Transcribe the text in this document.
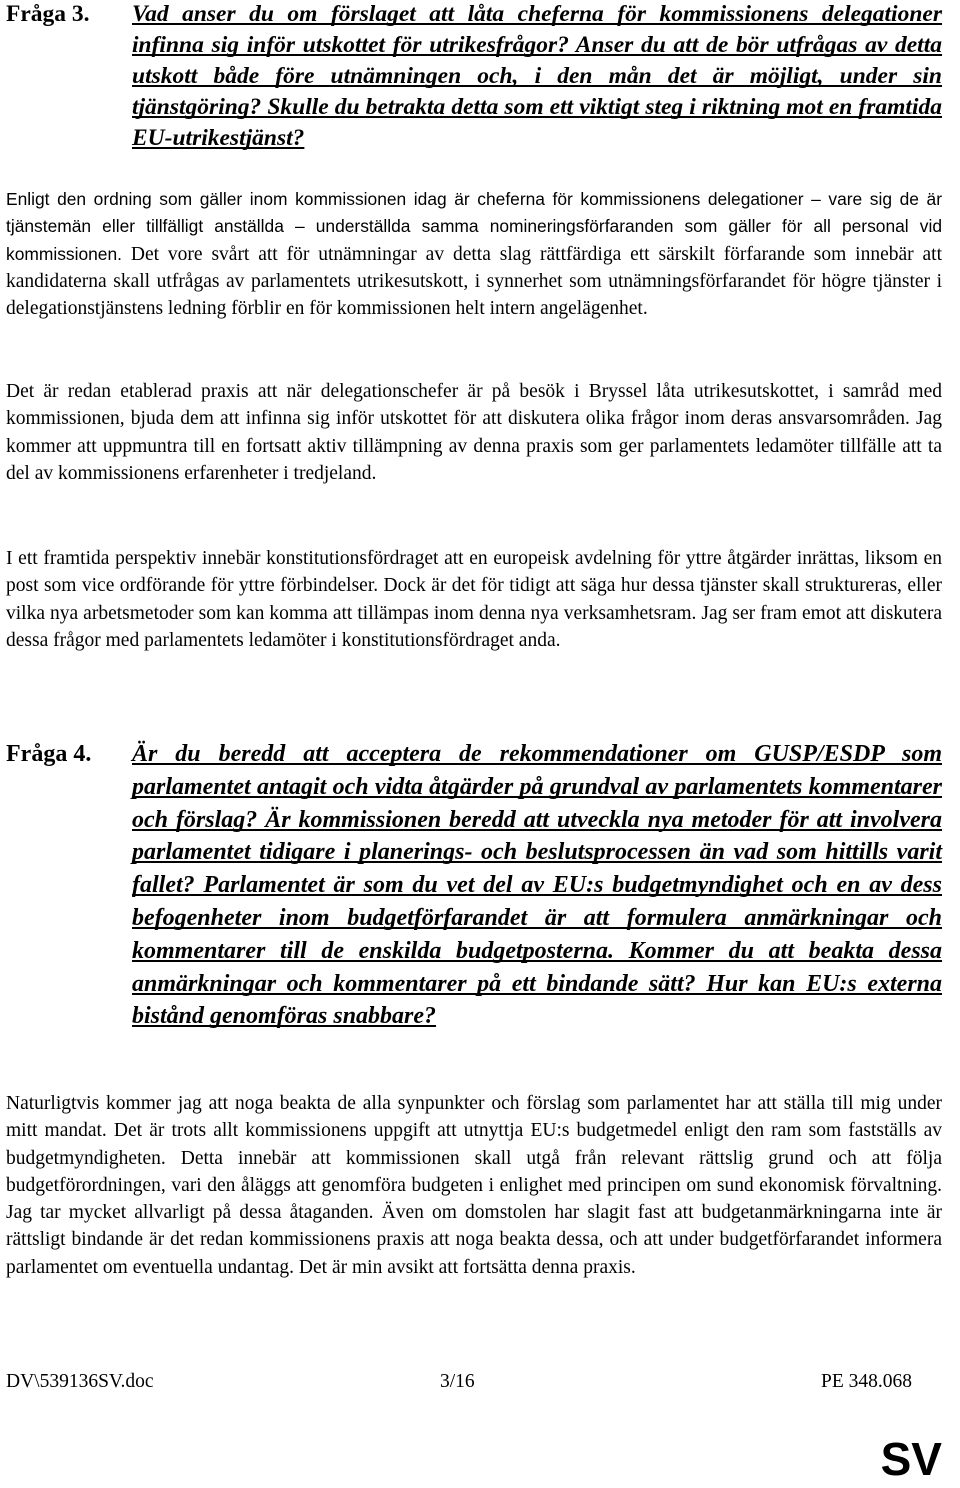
Fråga 3. Vad anser du om förslaget att låta cheferna för kommissionens delegationer infinna sig inför utskottet för utrikesfrågor? Anser du att de bör utfrågas av detta utskott både före utnämningen och, i den mån det är möjligt, under sin tjänstgöring? Skulle du betrakta detta som ett viktigt steg i riktning mot en framtida EU-utrikestjänst?

Enligt den ordning som gäller inom kommissionen idag är cheferna för kommissionens delegationer – vare sig de är tjänstemän eller tillfälligt anställda – underställda samma nomineringsförfaranden som gäller för all personal vid kommissionen. Det vore svårt att för utnämningar av detta slag rättfärdiga ett särskilt förfarande som innebär att kandidaterna skall utfrågas av parlamentets utrikesutskott, i synnerhet som utnämningsförfarandet för högre tjänster i delegationstjänstens ledning förblir en för kommissionen helt intern angelägenhet.

Det är redan etablerad praxis att när delegationschefer är på besök i Bryssel låta utrikesutskottet, i samråd med kommissionen, bjuda dem att infinna sig inför utskottet för att diskutera olika frågor inom deras ansvarsområden. Jag kommer att uppmuntra till en fortsatt aktiv tillämpning av denna praxis som ger parlamentets ledamöter tillfälle att ta del av kommissionens erfarenheter i tredjeland.

I ett framtida perspektiv innebär konstitutionsfördraget att en europeisk avdelning för yttre åtgärder inrättas, liksom en post som vice ordförande för yttre förbindelser. Dock är det för tidigt att säga hur dessa tjänster skall struktureras, eller vilka nya arbetsmetoder som kan komma att tillämpas inom denna nya verksamhetsram. Jag ser fram emot att diskutera dessa frågor med parlamentets ledamöter i konstitutionsfördraget anda.

Fråga 4. Är du beredd att acceptera de rekommendationer om GUSP/ESDP som parlamentet antagit och vidta åtgärder på grundval av parlamentets kommentarer och förslag? Är kommissionen beredd att utveckla nya metoder för att involvera parlamentet tidigare i planerings- och beslutsprocessen än vad som hittills varit fallet? Parlamentet är som du vet del av EU:s budgetmyndighet och en av dess befogenheter inom budgetförfarandet är att formulera anmärkningar och kommentarer till de enskilda budgetposterna. Kommer du att beakta dessa anmärkningar och kommentarer på ett bindande sätt? Hur kan EU:s externa bistånd genomföras snabbare?

Naturligtvis kommer jag att noga beakta de alla synpunkter och förslag som parlamentet har att ställa till mig under mitt mandat. Det är trots allt kommissionens uppgift att utnyttja EU:s budgetmedel enligt den ram som fastställs av budgetmyndigheten. Detta innebär att kommissionen skall utgå från relevant rättslig grund och att följa budgetförordningen, vari den åläggs att genomföra budgeten i enlighet med principen om sund ekonomisk förvaltning. Jag tar mycket allvarligt på dessa åtaganden. Även om domstolen har slagit fast att budgetanmärkningarna inte är rättsligt bindande är det redan kommissionens praxis att noga beakta dessa, och att under budgetförfarandet informera parlamentet om eventuella undantag. Det är min avsikt att fortsätta denna praxis.

DV\539136SV.doc	3/16	PE 348.068
SV
